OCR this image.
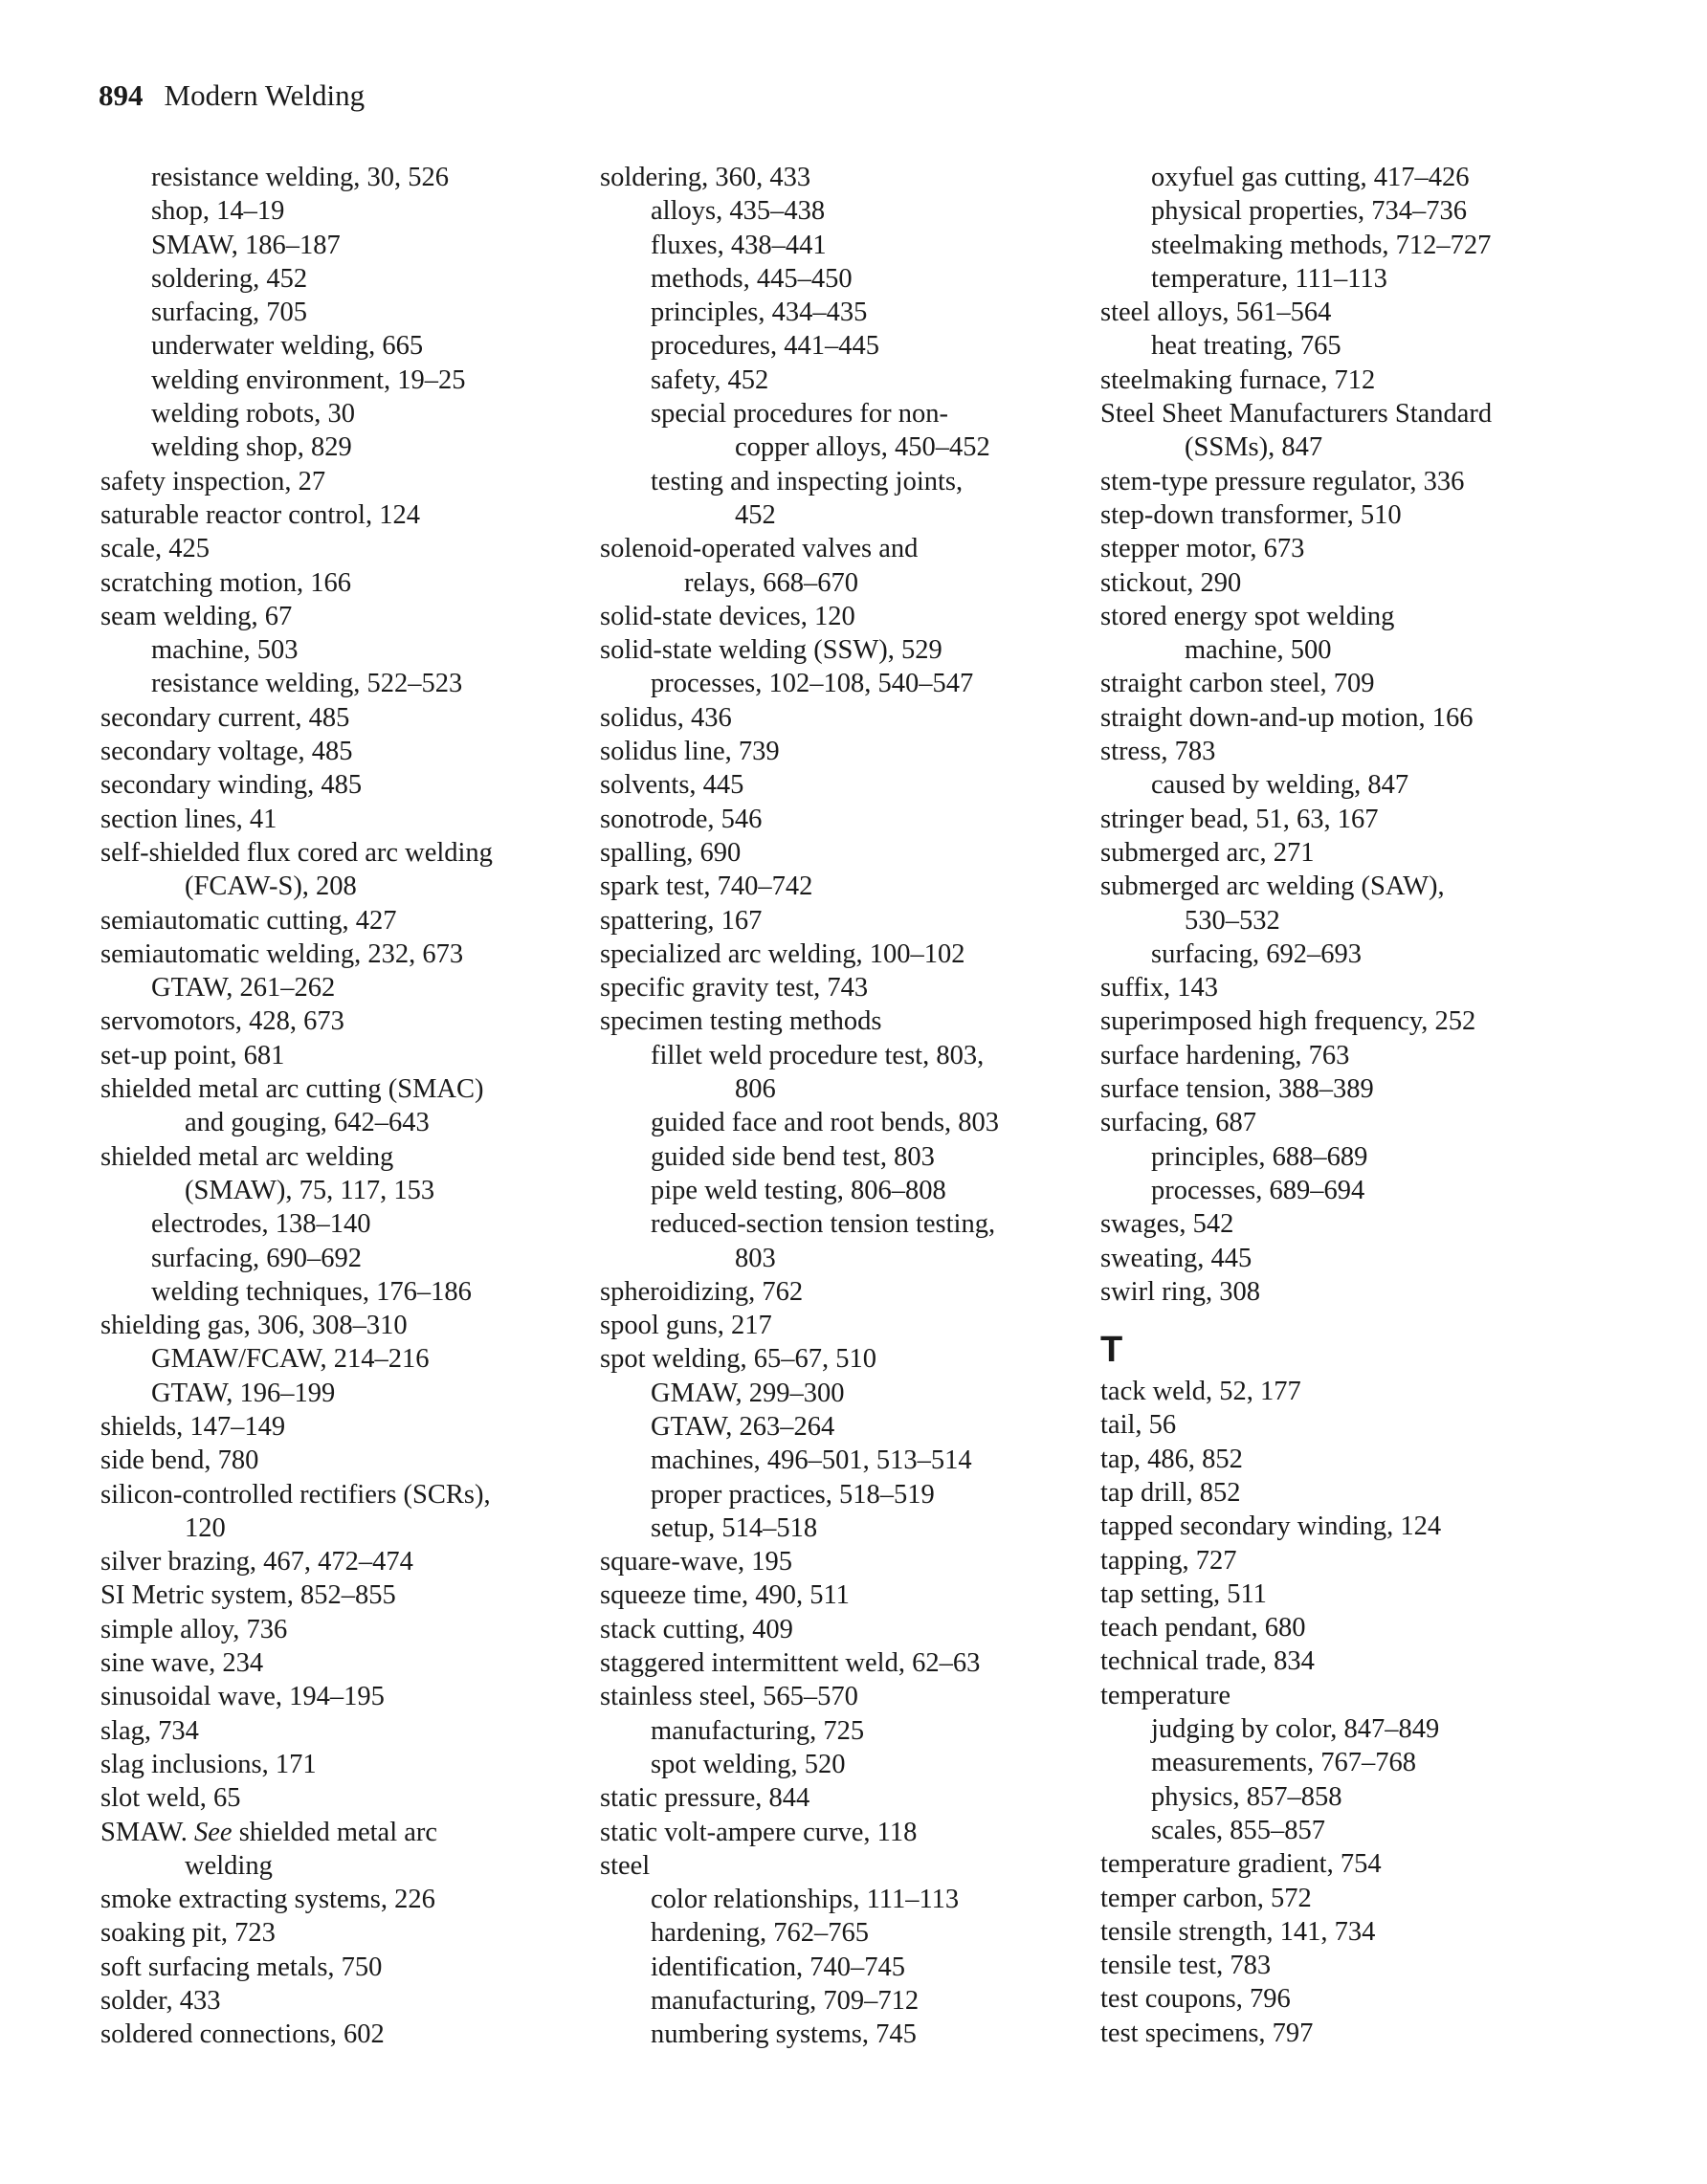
894 Modern Welding
resistance welding, 30, 526
shop, 14–19
SMAW, 186–187
soldering, 452
surfacing, 705
underwater welding, 665
welding environment, 19–25
welding robots, 30
welding shop, 829
safety inspection, 27
saturable reactor control, 124
scale, 425
scratching motion, 166
seam welding, 67
machine, 503
resistance welding, 522–523
secondary current, 485
secondary voltage, 485
secondary winding, 485
section lines, 41
self-shielded flux cored arc welding
(FCAW-S), 208
semiautomatic cutting, 427
semiautomatic welding, 232, 673
GTAW, 261–262
servomotors, 428, 673
set-up point, 681
shielded metal arc cutting (SMAC)
and gouging, 642–643
shielded metal arc welding
(SMAW), 75, 117, 153
electrodes, 138–140
surfacing, 690–692
welding techniques, 176–186
shielding gas, 306, 308–310
GMAW/FCAW, 214–216
GTAW, 196–199
shields, 147–149
side bend, 780
silicon-controlled rectifiers (SCRs),
120
silver brazing, 467, 472–474
SI Metric system, 852–855
simple alloy, 736
sine wave, 234
sinusoidal wave, 194–195
slag, 734
slag inclusions, 171
slot weld, 65
SMAW. See shielded metal arc
welding
smoke extracting systems, 226
soaking pit, 723
soft surfacing metals, 750
solder, 433
soldered connections, 602
soldering, 360, 433
alloys, 435–438
fluxes, 438–441
methods, 445–450
principles, 434–435
procedures, 441–445
safety, 452
special procedures for non-
copper alloys, 450–452
testing and inspecting joints,
452
solenoid-operated valves and
relays, 668–670
solid-state devices, 120
solid-state welding (SSW), 529
processes, 102–108, 540–547
solidus, 436
solidus line, 739
solvents, 445
sonotrode, 546
spalling, 690
spark test, 740–742
spattering, 167
specialized arc welding, 100–102
specific gravity test, 743
specimen testing methods
fillet weld procedure test, 803,
806
guided face and root bends, 803
guided side bend test, 803
pipe weld testing, 806–808
reduced-section tension testing,
803
spheroidizing, 762
spool guns, 217
spot welding, 65–67, 510
GMAW, 299–300
GTAW, 263–264
machines, 496–501, 513–514
proper practices, 518–519
setup, 514–518
square-wave, 195
squeeze time, 490, 511
stack cutting, 409
staggered intermittent weld, 62–63
stainless steel, 565–570
manufacturing, 725
spot welding, 520
static pressure, 844
static volt-ampere curve, 118
steel
color relationships, 111–113
hardening, 762–765
identification, 740–745
manufacturing, 709–712
numbering systems, 745
oxyfuel gas cutting, 417–426
physical properties, 734–736
steelmaking methods, 712–727
temperature, 111–113
steel alloys, 561–564
heat treating, 765
steelmaking furnace, 712
Steel Sheet Manufacturers Standard
(SSMs), 847
stem-type pressure regulator, 336
step-down transformer, 510
stepper motor, 673
stickout, 290
stored energy spot welding
machine, 500
straight carbon steel, 709
straight down-and-up motion, 166
stress, 783
caused by welding, 847
stringer bead, 51, 63, 167
submerged arc, 271
submerged arc welding (SAW),
530–532
surfacing, 692–693
suffix, 143
superimposed high frequency, 252
surface hardening, 763
surface tension, 388–389
surfacing, 687
principles, 688–689
processes, 689–694
swages, 542
sweating, 445
swirl ring, 308
T
tack weld, 52, 177
tail, 56
tap, 486, 852
tap drill, 852
tapped secondary winding, 124
tapping, 727
tap setting, 511
teach pendant, 680
technical trade, 834
temperature
judging by color, 847–849
measurements, 767–768
physics, 857–858
scales, 855–857
temperature gradient, 754
temper carbon, 572
tensile strength, 141, 734
tensile test, 783
test coupons, 796
test specimens, 797
